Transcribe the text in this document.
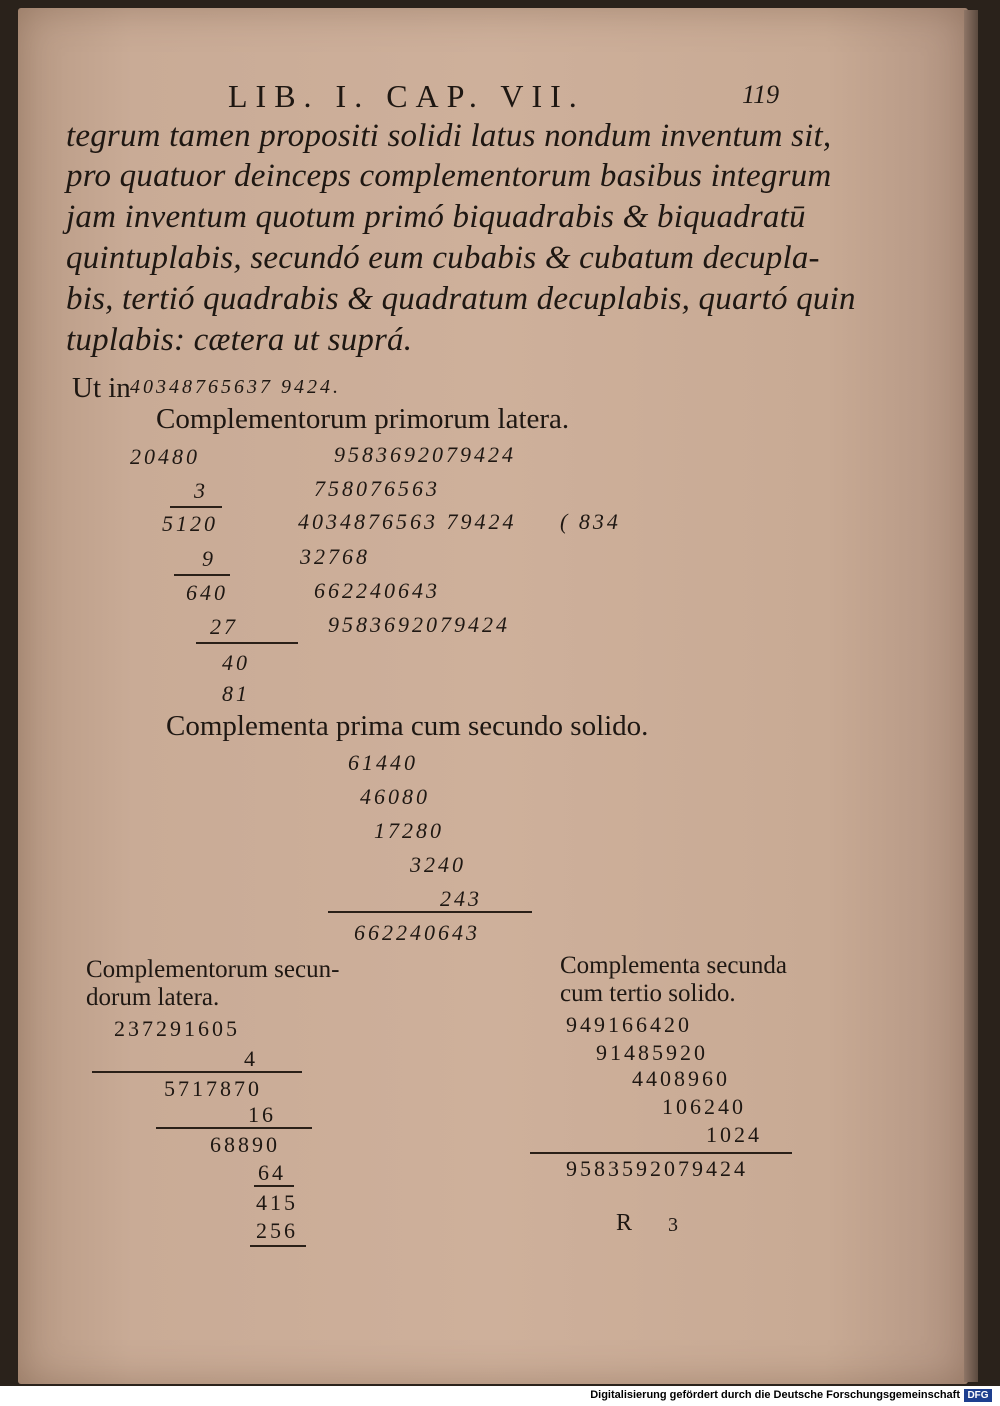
LIB. I. CAP. VII.	119
tegrum tamen propositi solidi latus nondum inventum sit,
pro quatuor deinceps complementorum basibus integrum
jam inventum quotum primó biquadrabis & biquadratū
quintuplabis, secundó eum cubabis & cubatum decupla-
bis, tertió quadrabis & quadratum decuplabis, quartó quin
tuplabis: cætera ut suprá.
Ut in 40348765637 9424.
Complementorum primorum latera.
20480
3
5120
9
640
27
40
81
9583692079424
758076563
4034876563 79424 ( 834
32768
662240643
9583692079424
Complementa prima cum secundo solido.
61440
46080
17280
3240
243
662240643
Complementorum secun-
dorum latera.
237291605
4
5717870
16
68890
64
415
256
Complementa secunda
cum tertio solido.
949166420
91485920
4408960
106240
1024
9583592079424
R 3
Digitalisierung gefördert durch die Deutsche Forschungsgemeinschaft DFG
